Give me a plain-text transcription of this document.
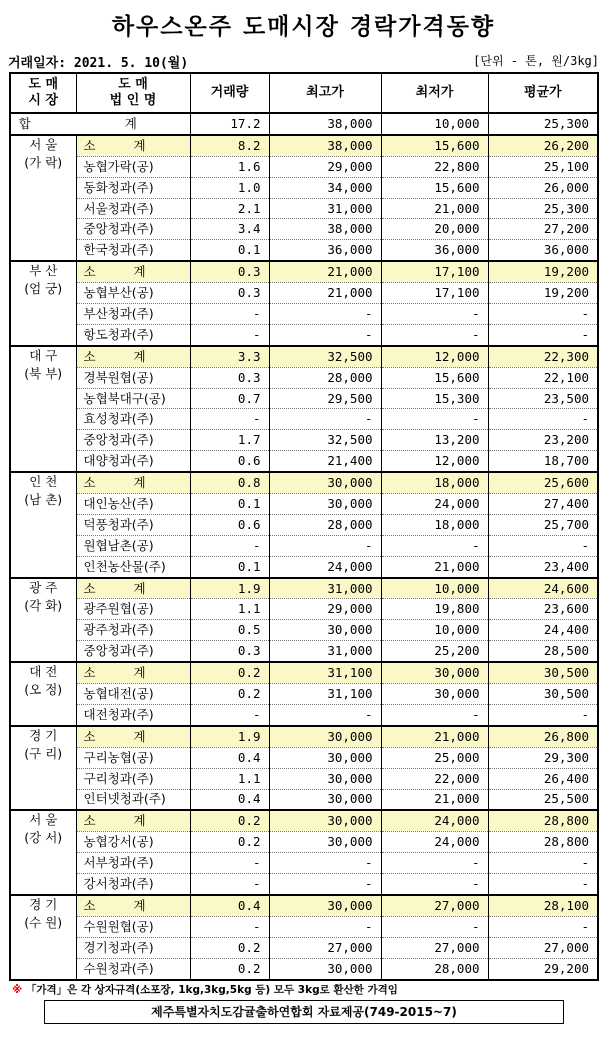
하우스온주 도매시장 경락가격동향
거래일자: 2021. 5. 10(월)	[단위 - 톤, 원/3kg]
도 매
시 장	도 매
법 인 명	거래량	최고가	최저가	평균가
합 계		17.2	38,000	10,000	25,300

서 울
(가 락)	소  계	8.2	38,000	15,600	26,200
	농협가락(공)	1.6	29,000	22,800	25,100
	동화청과(주)	1.0	34,000	15,600	26,000
	서울청과(주)	2.1	31,000	21,000	25,300
	중앙청과(주)	3.4	38,000	20,000	27,200
	한국청과(주)	0.1	36,000	36,000	36,000

부 산
(엄 궁)	소  계	0.3	21,000	17,100	19,200
	농협부산(공)	0.3	21,000	17,100	19,200
	부산청과(주)	-	-	-	-
	항도청과(주)	-	-	-	-

대 구
(북 부)	소  계	3.3	32,500	12,000	22,300
	경북원협(공)	0.3	28,000	15,600	22,100
	농협북대구(공)	0.7	29,500	15,300	23,500
	효성청과(주)	-	-	-	-
	중앙청과(주)	1.7	32,500	13,200	23,200
	대양청과(주)	0.6	21,400	12,000	18,700

인 천
(남 촌)	소  계	0.8	30,000	18,000	25,600
	대인농산(주)	0.1	30,000	24,000	27,400
	덕풍청과(주)	0.6	28,000	18,000	25,700
	원협남촌(공)	-	-	-	-
	인천농산물(주)	0.1	24,000	21,000	23,400

광 주
(각 화)	소  계	1.9	31,000	10,000	24,600
	광주원협(공)	1.1	29,000	19,800	23,600
	광주청과(주)	0.5	30,000	10,000	24,400
	중앙청과(주)	0.3	31,000	25,200	28,500

대 전
(오 정)	소  계	0.2	31,100	30,000	30,500
	농협대전(공)	0.2	31,100	30,000	30,500
	대전청과(주)	-	-	-	-

경 기
(구 리)	소  계	1.9	30,000	21,000	26,800
	구리농협(공)	0.4	30,000	25,000	29,300
	구리청과(주)	1.1	30,000	22,000	26,400
	인터넷청과(주)	0.4	30,000	21,000	25,500

서 울
(강 서)	소  계	0.2	30,000	24,000	28,800
	농협강서(공)	0.2	30,000	24,000	28,800
	서부청과(주)	-	-	-	-
	강서청과(주)	-	-	-	-

경 기
(수 원)	소  계	0.4	30,000	27,000	28,100
	수원원협(공)	-	-	-	-
	경기청과(주)	0.2	27,000	27,000	27,000
	수원청과(주)	0.2	30,000	28,000	29,200
※ 「가격」은 각 상자규격(소포장, 1kg,3kg,5kg 등) 모두 3kg로 환산한 가격임
제주특별자치도감귤출하연합회 자료제공(749-2015~7)
